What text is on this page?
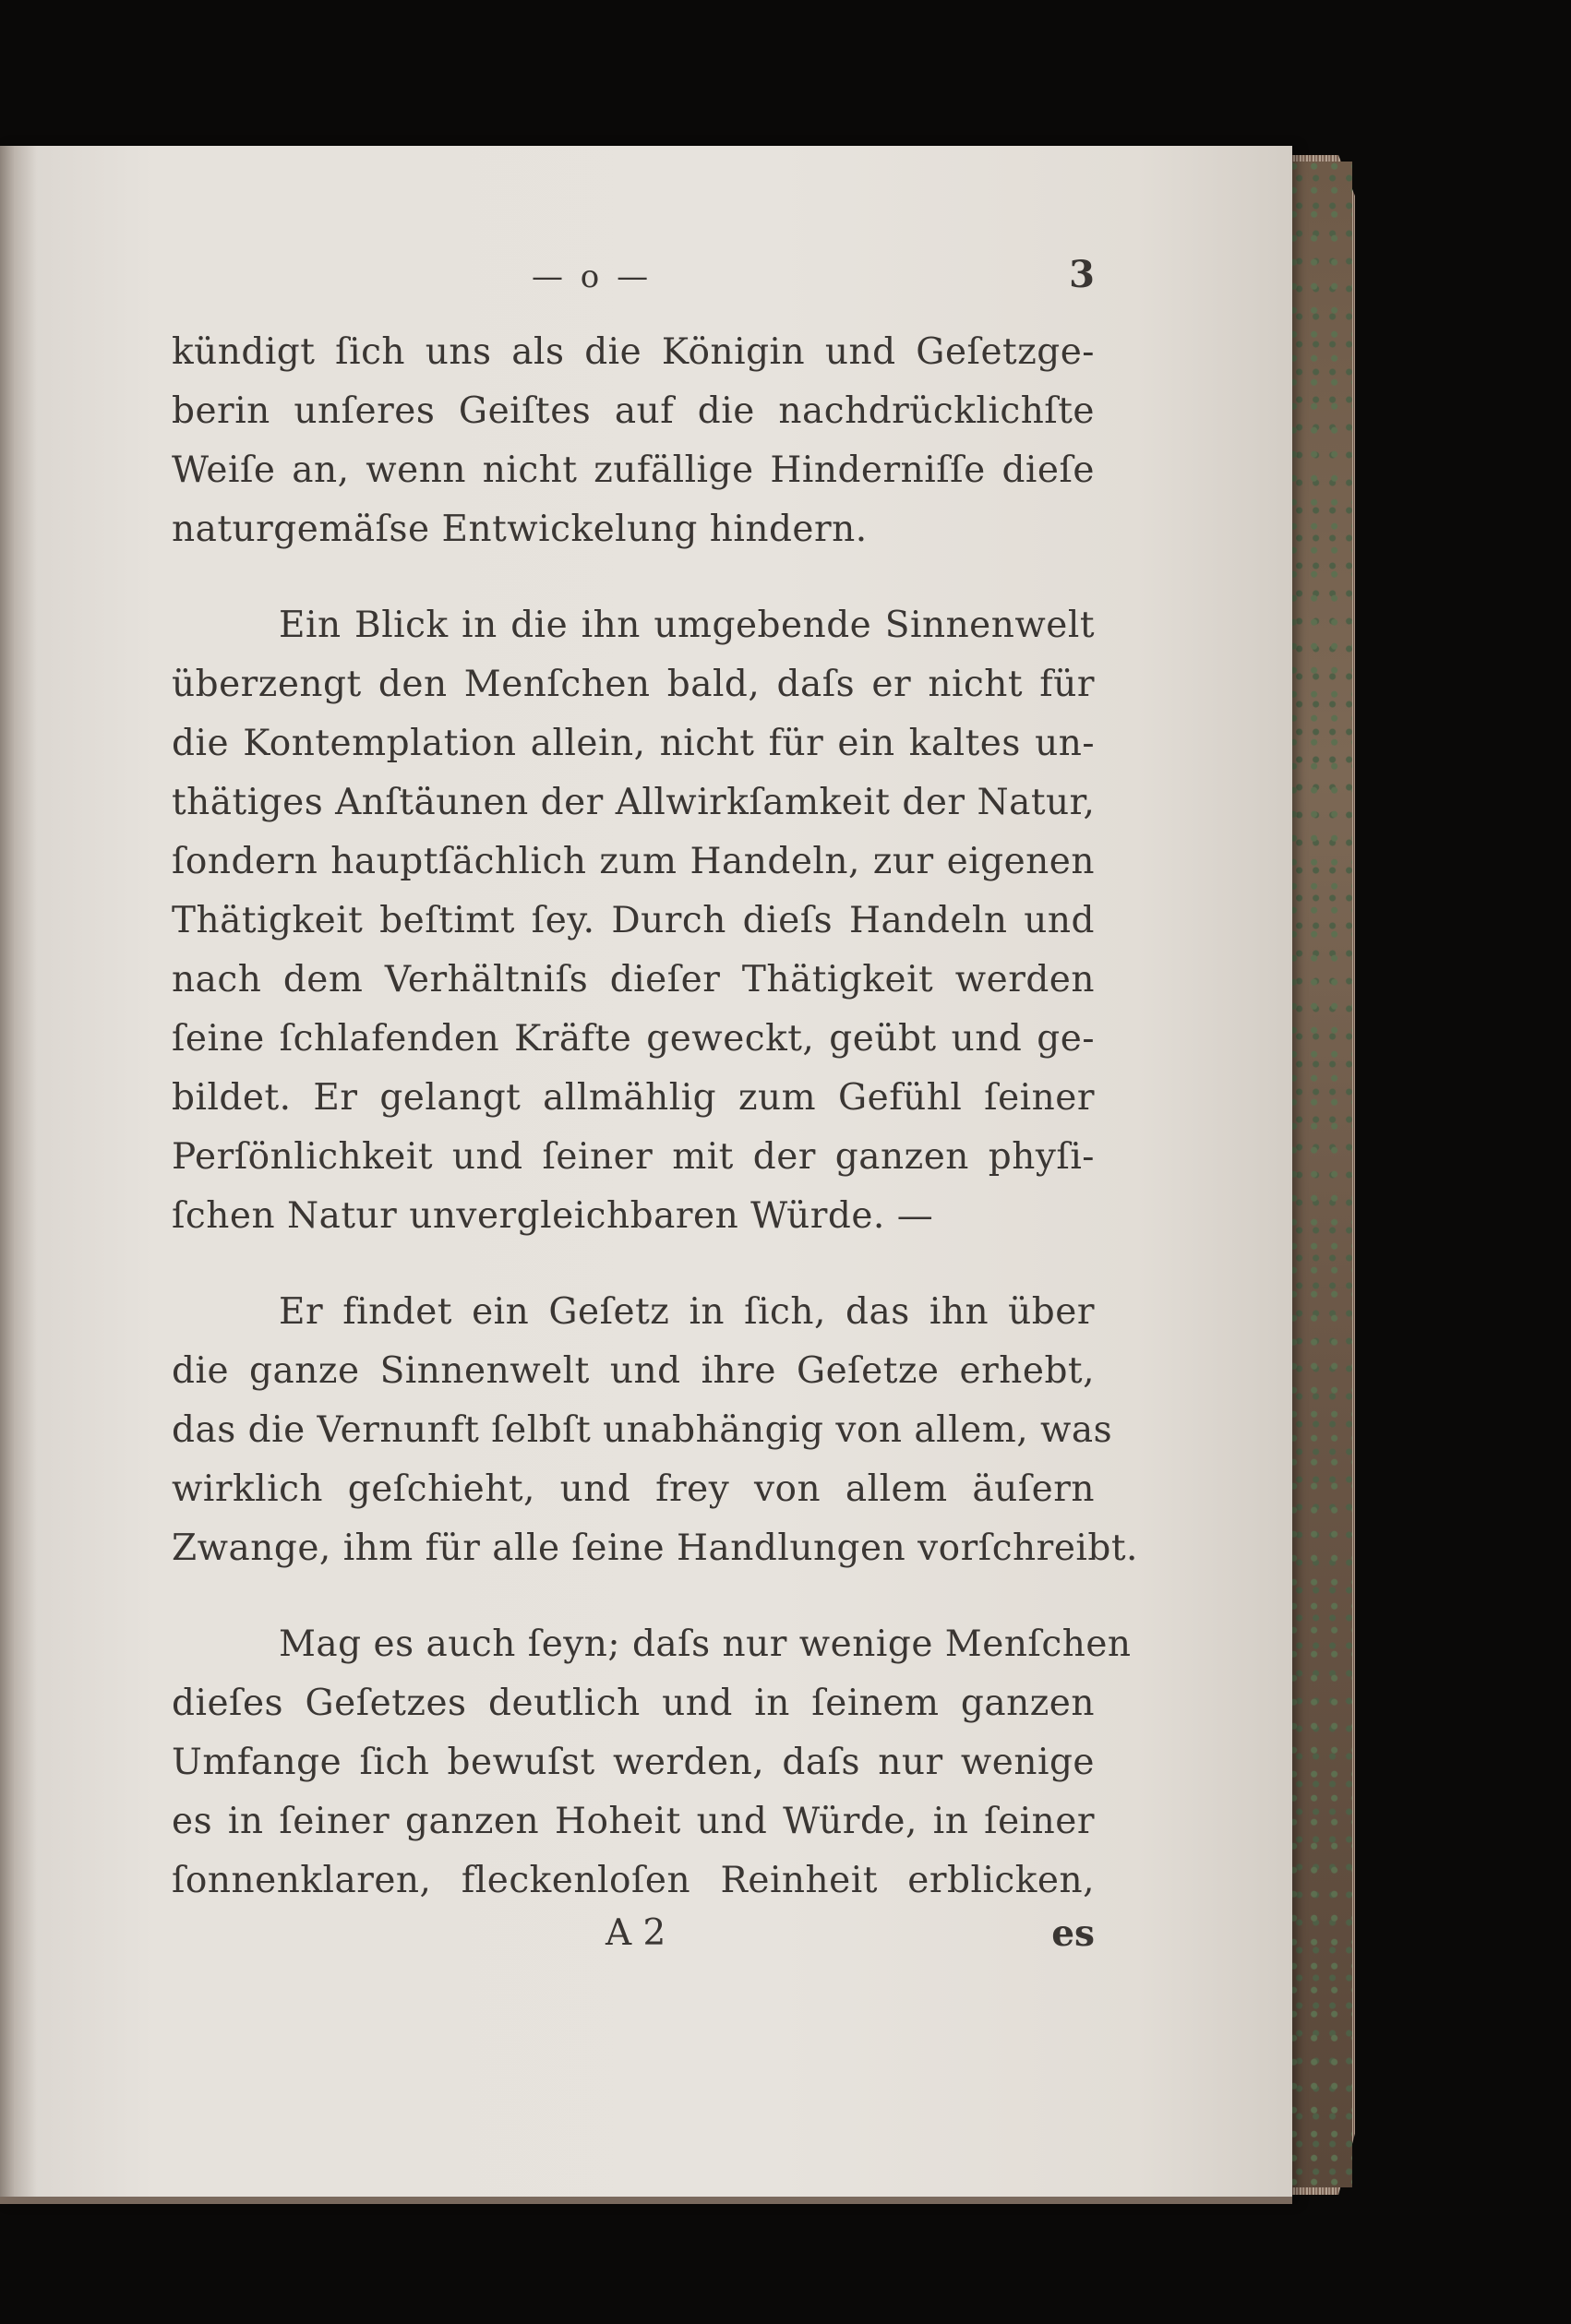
— o —	3
kündigt ſich uns als die Königin und Geſetzge-
berin unſeres Geiſtes auf die nachdrücklichſte
Weiſe an, wenn nicht zufällige Hinderniſſe dieſe
naturgemäſse Entwickelung hindern.
Ein Blick in die ihn umgebende Sinnenwelt
überzengt den Menſchen bald, daſs er nicht für
die Kontemplation allein, nicht für ein kaltes un-
thätiges Anſtäunen der Allwirkſamkeit der Natur,
ſondern hauptſächlich zum Handeln, zur eigenen
Thätigkeit beſtimt ſey. Durch dieſs Handeln und
nach dem Verhältniſs dieſer Thätigkeit werden
ſeine ſchlafenden Kräfte geweckt, geübt und ge-
bildet. Er gelangt allmählig zum Gefühl ſeiner
Perſönlichkeit und ſeiner mit der ganzen phyſi-
ſchen Natur unvergleichbaren Würde. —
Er findet ein Geſetz in ſich, das ihn über
die ganze Sinnenwelt und ihre Geſetze erhebt,
das die Vernunft ſelbſt unabhängig von allem, was
wirklich geſchieht, und frey von allem äuſern
Zwange, ihm für alle ſeine Handlungen vorſchreibt.
Mag es auch ſeyn; daſs nur wenige Menſchen
dieſes Geſetzes deutlich und in ſeinem ganzen
Umfange ſich bewuſst werden, daſs nur wenige
es in ſeiner ganzen Hoheit und Würde, in ſeiner
ſonnenklaren, fleckenloſen Reinheit erblicken,
A 2	es
